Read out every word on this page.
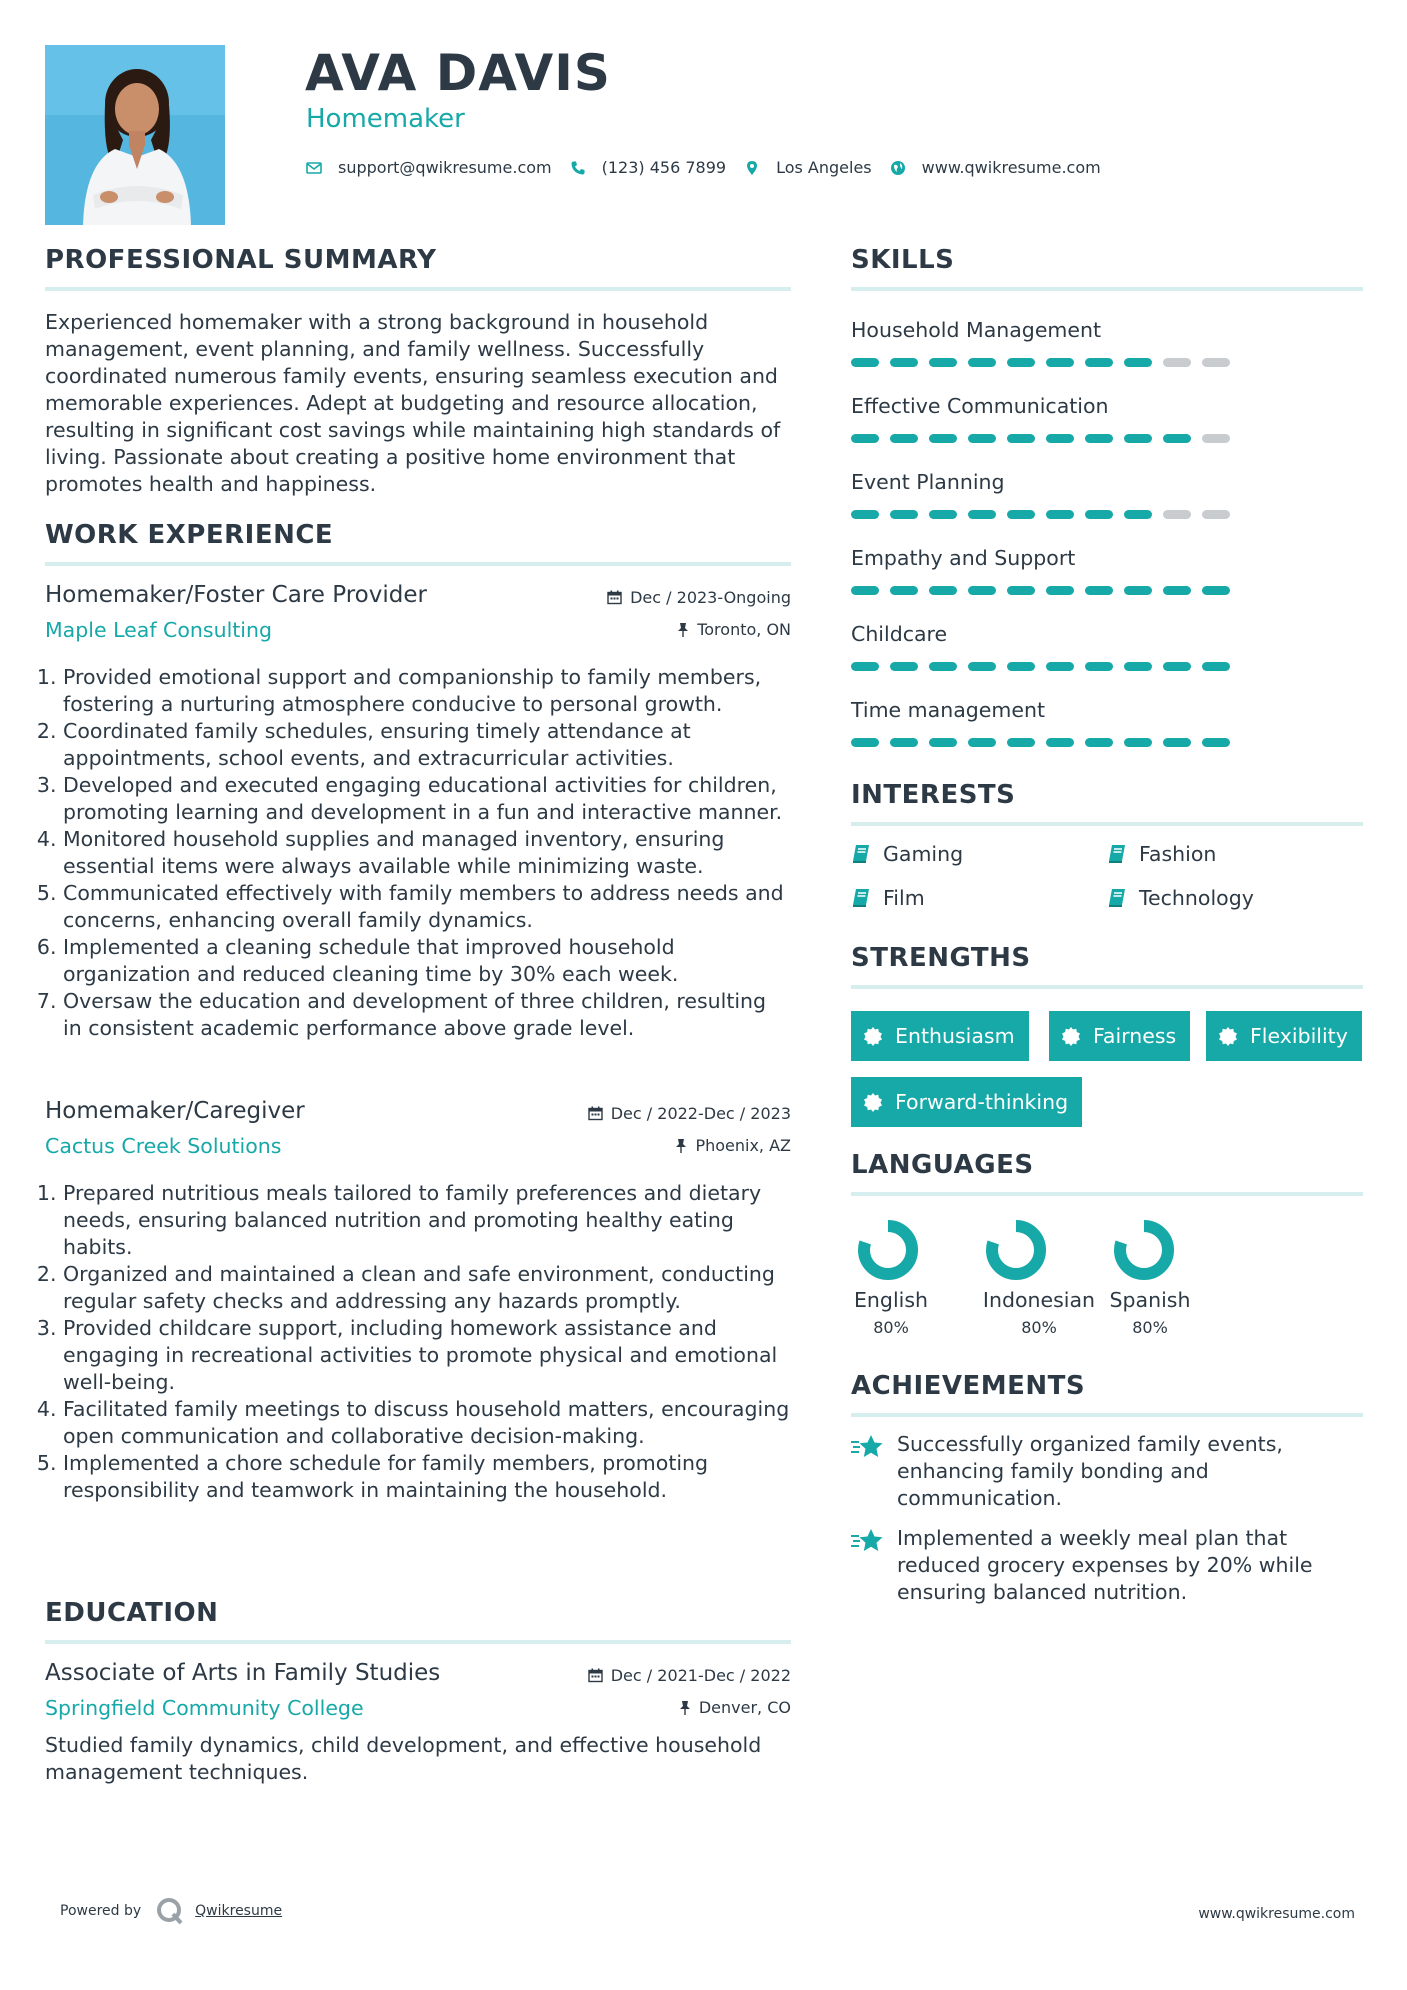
AVA DAVIS
Homemaker
support@qwikresume.com	(123) 456 7899	Los Angeles	www.qwikresume.com
PROFESSIONAL SUMMARY
Experienced homemaker with a strong background in household management, event planning, and family wellness. Successfully coordinated numerous family events, ensuring seamless execution and memorable experiences. Adept at budgeting and resource allocation, resulting in significant cost savings while maintaining high standards of living. Passionate about creating a positive home environment that promotes health and happiness.
WORK EXPERIENCE
Homemaker/Foster Care Provider
Maple Leaf Consulting
Dec / 2023-Ongoing
Toronto, ON
1. Provided emotional support and companionship to family members, fostering a nurturing atmosphere conducive to personal growth.
2. Coordinated family schedules, ensuring timely attendance at appointments, school events, and extracurricular activities.
3. Developed and executed engaging educational activities for children, promoting learning and development in a fun and interactive manner.
4. Monitored household supplies and managed inventory, ensuring essential items were always available while minimizing waste.
5. Communicated effectively with family members to address needs and concerns, enhancing overall family dynamics.
6. Implemented a cleaning schedule that improved household organization and reduced cleaning time by 30% each week.
7. Oversaw the education and development of three children, resulting in consistent academic performance above grade level.
Homemaker/Caregiver
Cactus Creek Solutions
Dec / 2022-Dec / 2023
Phoenix, AZ
1. Prepared nutritious meals tailored to family preferences and dietary needs, ensuring balanced nutrition and promoting healthy eating habits.
2. Organized and maintained a clean and safe environment, conducting regular safety checks and addressing any hazards promptly.
3. Provided childcare support, including homework assistance and engaging in recreational activities to promote physical and emotional well-being.
4. Facilitated family meetings to discuss household matters, encouraging open communication and collaborative decision-making.
5. Implemented a chore schedule for family members, promoting responsibility and teamwork in maintaining the household.
EDUCATION
Associate of Arts in Family Studies
Springfield Community College
Dec / 2021-Dec / 2022
Denver, CO
Studied family dynamics, child development, and effective household management techniques.
SKILLS
Household Management
Effective Communication
Event Planning
Empathy and Support
Childcare
Time management
INTERESTS
Gaming	Fashion
Film	Technology
STRENGTHS
Enthusiasm	Fairness	Flexibility
Forward-thinking
LANGUAGES
English
80%
Indonesian
80%
Spanish
80%
ACHIEVEMENTS
Successfully organized family events, enhancing family bonding and communication.
Implemented a weekly meal plan that reduced grocery expenses by 20% while ensuring balanced nutrition.
Powered by	Qwikresume	www.qwikresume.com
